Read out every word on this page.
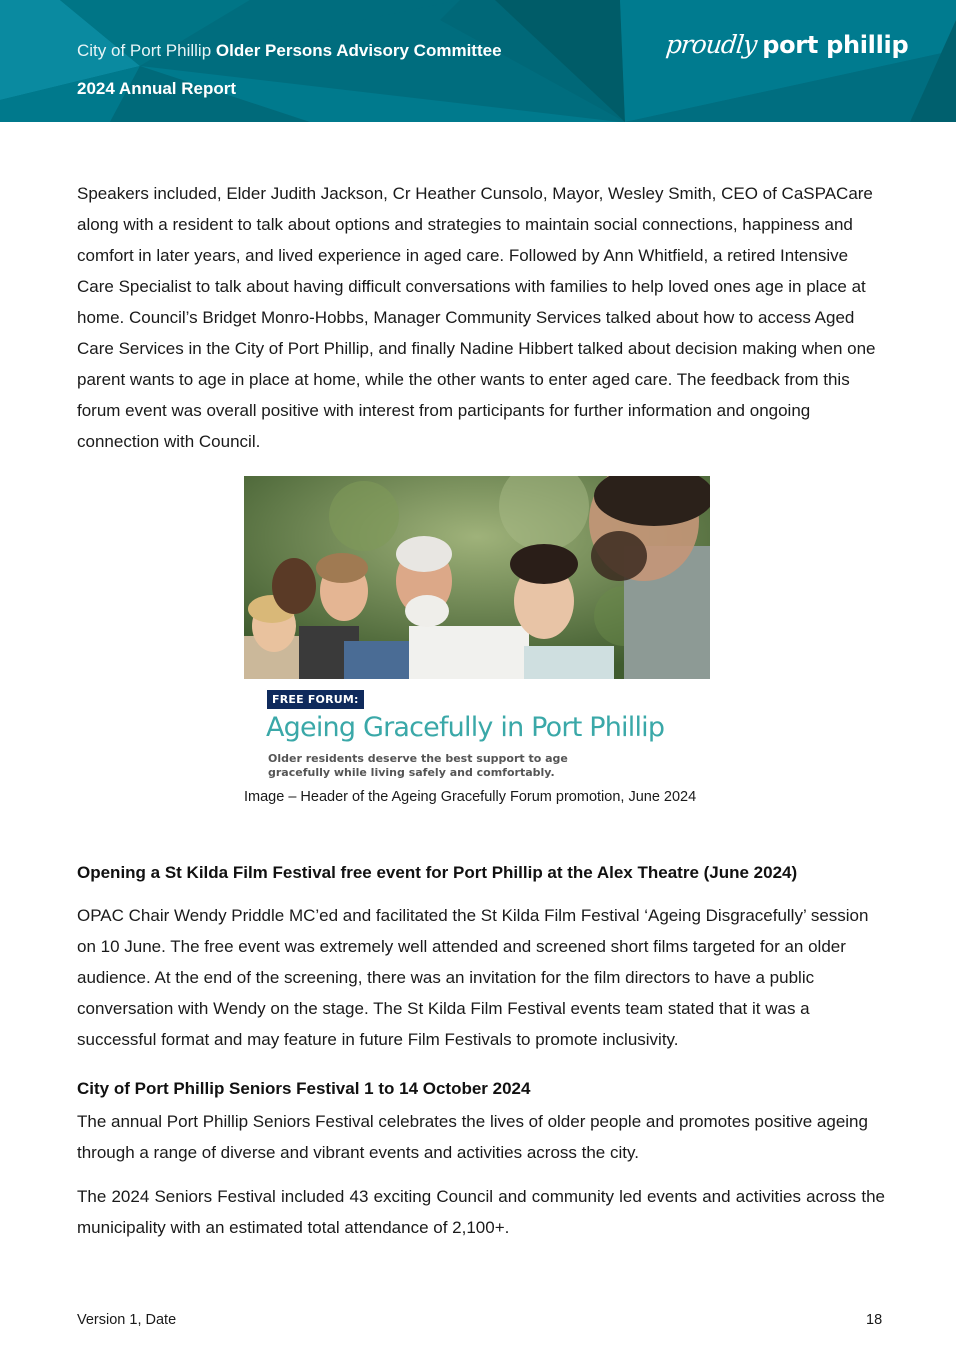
City of Port Phillip Older Persons Advisory Committee
2024 Annual Report
proudly port phillip

Speakers included, Elder Judith Jackson, Cr Heather Cunsolo, Mayor, Wesley Smith, CEO of CaSPACare along with a resident to talk about options and strategies to maintain social connections, happiness and comfort in later years, and lived experience in aged care. Followed by Ann Whitfield, a retired Intensive Care Specialist to talk about having difficult conversations with families to help loved ones age in place at home. Council’s Bridget Monro-Hobbs, Manager Community Services talked about how to access Aged Care Services in the City of Port Phillip, and finally Nadine Hibbert talked about decision making when one parent wants to age in place at home, while the other wants to enter aged care. The feedback from this forum event was overall positive with interest from participants for further information and ongoing connection with Council.

FREE FORUM:
Ageing Gracefully in Port Phillip
Older residents deserve the best support to age gracefully while living safely and comfortably.
Image – Header of the Ageing Gracefully Forum promotion, June 2024
Opening a St Kilda Film Festival free event for Port Phillip at the Alex Theatre (June 2024)

OPAC Chair Wendy Priddle MC’ed and facilitated the St Kilda Film Festival ‘Ageing Disgracefully’ session on 10 June. The free event was extremely well attended and screened short films targeted for an older audience. At the end of the screening, there was an invitation for the film directors to have a public conversation with Wendy on the stage. The St Kilda Film Festival events team stated that it was a successful format and may feature in future Film Festivals to promote inclusivity.

City of Port Phillip Seniors Festival 1 to 14 October 2024

The annual Port Phillip Seniors Festival celebrates the lives of older people and promotes positive ageing through a range of diverse and vibrant events and activities across the city.

The 2024 Seniors Festival included 43 exciting Council and community led events and activities across the municipality with an estimated total attendance of 2,100+.

Version 1, Date	18
